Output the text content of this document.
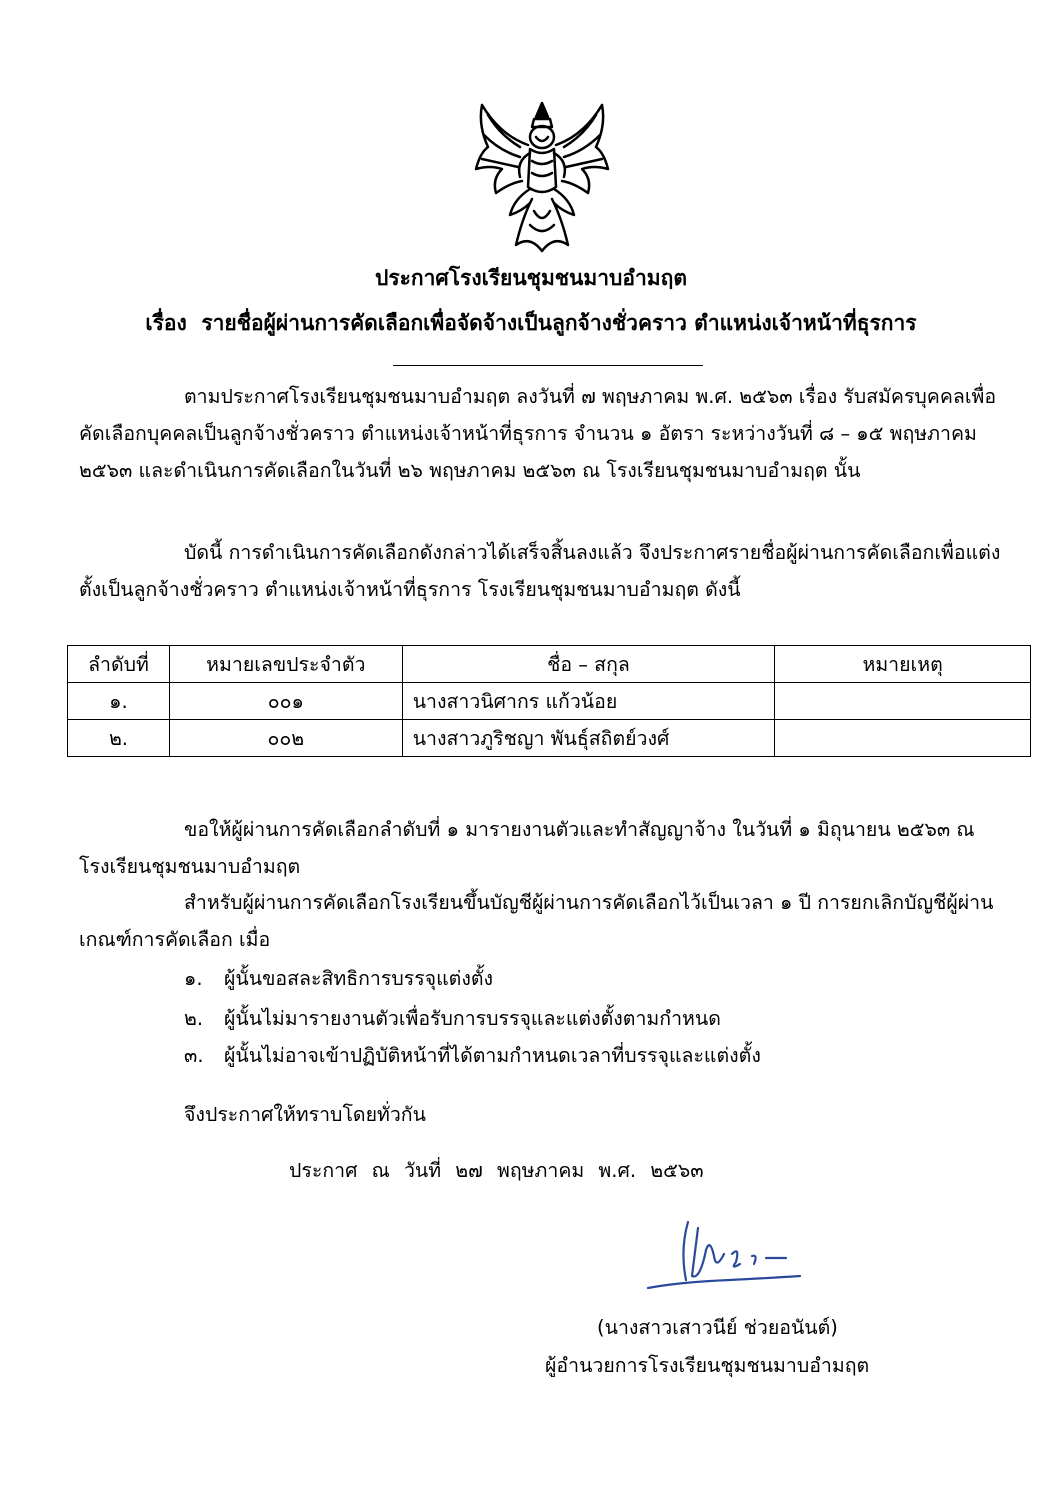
ประกาศโรงเรียนชุมชนมาบอำมฤต
เรื่อง รายชื่อผู้ผ่านการคัดเลือกเพื่อจัดจ้างเป็นลูกจ้างชั่วคราว ตำแหน่งเจ้าหน้าที่ธุรการ
ตามประกาศโรงเรียนชุมชนมาบอำมฤต ลงวันที่ ๗ พฤษภาคม พ.ศ. ๒๕๖๓ เรื่อง รับสมัครบุคคลเพื่อคัดเลือกบุคคลเป็นลูกจ้างชั่วคราว ตำแหน่งเจ้าหน้าที่ธุรการ จำนวน ๑ อัตรา ระหว่างวันที่ ๘ – ๑๕ พฤษภาคม ๒๕๖๓ และดำเนินการคัดเลือกในวันที่ ๒๖ พฤษภาคม ๒๕๖๓ ณ โรงเรียนชุมชนมาบอำมฤต นั้น
บัดนี้ การดำเนินการคัดเลือกดังกล่าวได้เสร็จสิ้นลงแล้ว จึงประกาศรายชื่อผู้ผ่านการคัดเลือกเพื่อแต่งตั้งเป็นลูกจ้างชั่วคราว ตำแหน่งเจ้าหน้าที่ธุรการ โรงเรียนชุมชนมาบอำมฤต ดังนี้
ลำดับที่	หมายเลขประจำตัว	ชื่อ – สกุล	หมายเหตุ
๑.	๐๐๑	นางสาวนิศากร แก้วน้อย	
๒.	๐๐๒	นางสาวภูริชญา พันธุ์สถิตย์วงศ์	
ขอให้ผู้ผ่านการคัดเลือกลำดับที่ ๑ มารายงานตัวและทำสัญญาจ้าง ในวันที่ ๑ มิถุนายน ๒๕๖๓ ณ โรงเรียนชุมชนมาบอำมฤต
สำหรับผู้ผ่านการคัดเลือกโรงเรียนขึ้นบัญชีผู้ผ่านการคัดเลือกไว้เป็นเวลา ๑ ปี การยกเลิกบัญชีผู้ผ่านเกณฑ์การคัดเลือก เมื่อ
๑. ผู้นั้นขอสละสิทธิการบรรจุแต่งตั้ง
๒. ผู้นั้นไม่มารายงานตัวเพื่อรับการบรรจุและแต่งตั้งตามกำหนด
๓. ผู้นั้นไม่อาจเข้าปฏิบัติหน้าที่ได้ตามกำหนดเวลาที่บรรจุและแต่งตั้ง
จึงประกาศให้ทราบโดยทั่วกัน
ประกาศ ณ วันที่ ๒๗ พฤษภาคม พ.ศ. ๒๕๖๓
(นางสาวเสาวนีย์ ช่วยอนันต์)
ผู้อำนวยการโรงเรียนชุมชนมาบอำมฤต
